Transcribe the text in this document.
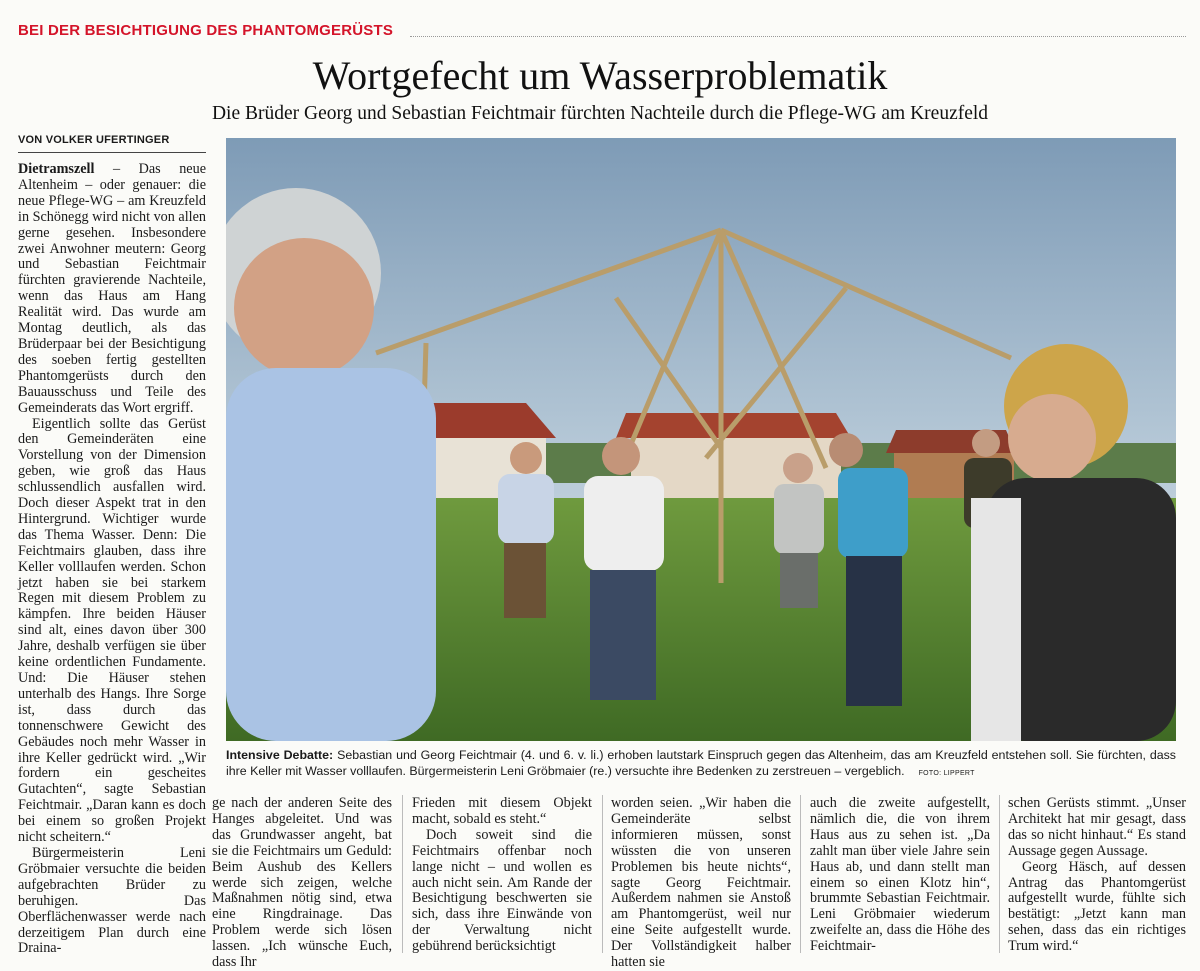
BEI DER BESICHTIGUNG DES PHANTOMGERÜSTS
Wortgefecht um Wasserproblematik
Die Brüder Georg und Sebastian Feichtmair fürchten Nachteile durch die Pflege-WG am Kreuzfeld
VON VOLKER UFERTINGER

Dietramszell – Das neue Altenheim – oder genauer: die neue Pflege-WG – am Kreuzfeld in Schönegg wird nicht von allen gerne gesehen. Insbesondere zwei Anwohner meutern: Georg und Sebastian Feichtmair fürchten gravierende Nachteile, wenn das Haus am Hang Realität wird. Das wurde am Montag deutlich, als das Brüderpaar bei der Besichtigung des soeben fertig gestellten Phantomgerüsts durch den Bauausschuss und Teile des Gemeinderats das Wort ergriff.

Eigentlich sollte das Gerüst den Gemeinderäten eine Vorstellung von der Dimension geben, wie groß das Haus schlussendlich ausfallen wird. Doch dieser Aspekt trat in den Hintergrund. Wichtiger wurde das Thema Wasser. Denn: Die Feichtmairs glauben, dass ihre Keller volllaufen werden. Schon jetzt haben sie bei starkem Regen mit diesem Problem zu kämpfen. Ihre beiden Häuser sind alt, eines davon über 300 Jahre, deshalb verfügen sie über keine ordentlichen Fundamente. Und: Die Häuser stehen unterhalb des Hangs. Ihre Sorge ist, dass durch das tonnenschwere Gewicht des Gebäudes noch mehr Wasser in ihre Keller gedrückt wird. „Wir fordern ein gescheites Gutachten“, sagte Sebastian Feichtmair. „Daran kann es doch bei einem so großen Projekt nicht scheitern.“

Bürgermeisterin Leni Gröbmaier versuchte die beiden aufgebrachten Brüder zu beruhigen. Das Oberflächenwasser werde nach derzeitigem Plan durch eine Draina-

Intensive Debatte: Sebastian und Georg Feichtmair (4. und 6. v. li.) erhoben lautstark Einspruch gegen das Altenheim, das am Kreuzfeld entstehen soll. Sie fürchten, dass ihre Keller mit Wasser volllaufen. Bürgermeisterin Leni Gröbmaier (re.) versuchte ihre Bedenken zu zerstreuen – vergeblich. FOTO: LIPPERT

ge nach der anderen Seite des Hanges abgeleitet. Und was das Grundwasser angeht, bat sie die Feichtmairs um Geduld: Beim Aushub des Kellers werde sich zeigen, welche Maßnahmen nötig sind, etwa eine Ringdrainage. Das Problem werde sich lösen lassen. „Ich wünsche Euch, dass Ihr

Frieden mit diesem Objekt macht, sobald es steht.“

Doch soweit sind die Feichtmairs offenbar noch lange nicht – und wollen es auch nicht sein. Am Rande der Besichtigung beschwerten sie sich, dass ihre Einwände von der Verwaltung nicht gebührend berücksichtigt

worden seien. „Wir haben die Gemeinderäte selbst informieren müssen, sonst wüssten die von unseren Problemen bis heute nichts“, sagte Georg Feichtmair. Außerdem nahmen sie Anstoß am Phantomgerüst, weil nur eine Seite aufgestellt wurde. Der Vollständigkeit halber hatten sie

auch die zweite aufgestellt, nämlich die, die von ihrem Haus aus zu sehen ist. „Da zahlt man über viele Jahre sein Haus ab, und dann stellt man einem so einen Klotz hin“, brummte Sebastian Feichtmair. Leni Gröbmaier wiederum zweifelte an, dass die Höhe des Feichtmair-

schen Gerüsts stimmt. „Unser Architekt hat mir gesagt, dass das so nicht hinhaut.“ Es stand Aussage gegen Aussage.

Georg Häsch, auf dessen Antrag das Phantomgerüst aufgestellt wurde, fühlte sich bestätigt: „Jetzt kann man sehen, dass das ein richtiges Trum wird.“
